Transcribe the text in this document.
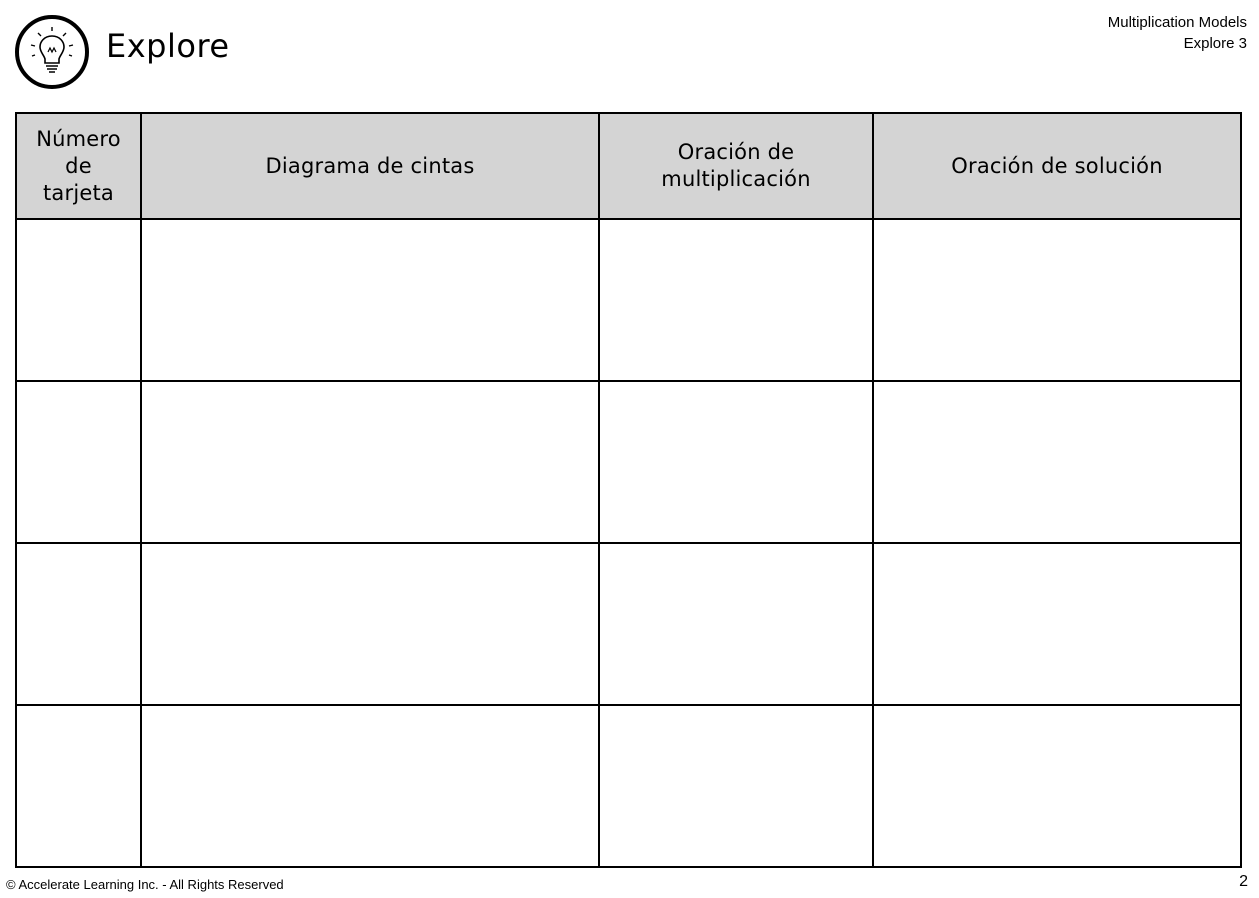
Explore
Multiplication Models
Explore 3
Número de tarjeta	Diagrama de cintas	Oración de multiplicación	Oración de solución

© Accelerate Learning Inc. - All Rights Reserved	2
